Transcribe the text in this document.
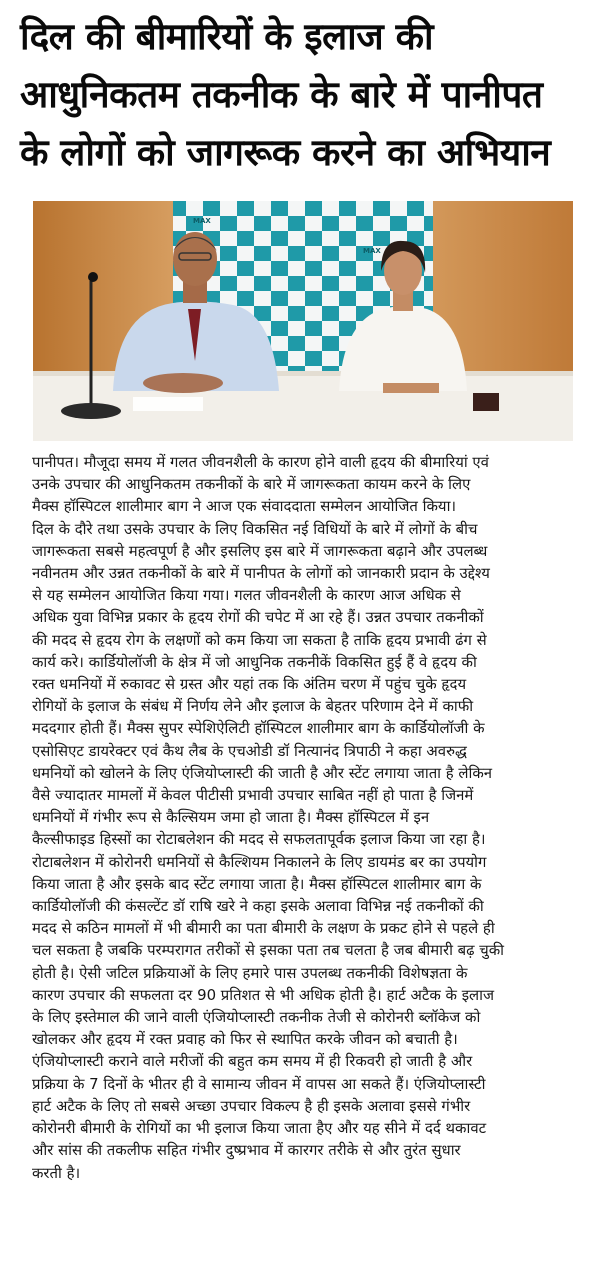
दिल की बीमारियों के इलाज की
आधुनिकतम तकनीक के बारे में पानीपत
के लोगों को जागरूक करने का अभियान
MAX
MAX
पानीपत। मौजूदा समय में गलत जीवनशैली के कारण होने वाली हृदय की बीमारियां एवं
उनके उपचार की आधुनिकतम तकनीकों के बारे में जागरूकता कायम करने के लिए
मैक्स हॉस्पिटल शालीमार बाग ने आज एक संवाददाता सम्मेलन आयोजित किया।
दिल के दौरे तथा उसके उपचार के लिए विकसित नई विधियों के बारे में लोगों के बीच
जागरूकता सबसे महत्वपूर्ण है और इसलिए इस बारे में जागरूकता बढ़ाने और उपलब्ध
नवीनतम और उन्नत तकनीकों के बारे में पानीपत के लोगों को जानकारी प्रदान के उद्देश्य
से यह सम्मेलन आयोजित किया गया। गलत जीवनशैली के कारण आज अधिक से
अधिक युवा विभिन्न प्रकार के हृदय रोगों की चपेट में आ रहे हैं। उन्नत उपचार तकनीकों
की मदद से हृदय रोग के लक्षणों को कम किया जा सकता है ताकि हृदय प्रभावी ढंग से
कार्य करे। कार्डियोलॉजी के क्षेत्र में जो आधुनिक तकनीकें विकसित हुई हैं वे हृदय की
रक्त धमनियों में रुकावट से ग्रस्त और यहां तक कि अंतिम चरण में पहुंच चुके हृदय
रोगियों के इलाज के संबंध में निर्णय लेने और इलाज के बेहतर परिणाम देने में काफी
मददगार होती हैं। मैक्स सुपर स्पेशिऐलिटी हॉस्पिटल शालीमार बाग के कार्डियोलॉजी के
एसोसिएट डायरेक्टर एवं कैथ लैब के एचओडी डॉ नित्यानंद त्रिपाठी ने कहा अवरुद्ध
धमनियों को खोलने के लिए एंजियोप्लास्टी की जाती है और स्टेंट लगाया जाता है लेकिन
वैसे ज्यादातर मामलों में केवल पीटीसी प्रभावी उपचार साबित नहीं हो पाता है जिनमें
धमनियों में गंभीर रूप से कैल्सियम जमा हो जाता है। मैक्स हॉस्पिटल में इन
कैल्सीफाइड हिस्सों का रोटाबलेशन की मदद से सफलतापूर्वक इलाज किया जा रहा है।
रोटाबलेशन में कोरोनरी धमनियों से कैल्शियम निकालने के लिए डायमंड बर का उपयोग
किया जाता है और इसके बाद स्टेंट लगाया जाता है। मैक्स हॉस्पिटल शालीमार बाग के
कार्डियोलॉजी की कंसल्टेंट डॉ राषि खरे ने कहा इसके अलावा विभिन्न नई तकनीकों की
मदद से कठिन मामलों में भी बीमारी का पता बीमारी के लक्षण के प्रकट होने से पहले ही
चल सकता है जबकि परम्परागत तरीकों से इसका पता तब चलता है जब बीमारी बढ़ चुकी
होती है। ऐसी जटिल प्रक्रियाओं के लिए हमारे पास उपलब्ध तकनीकी विशेषज्ञता के
कारण उपचार की सफलता दर 90 प्रतिशत से भी अधिक होती है। हार्ट अटैक के इलाज
के लिए इस्तेमाल की जाने वाली एंजियोप्लास्टी तकनीक तेजी से कोरोनरी ब्लॉकेज को
खोलकर और हृदय में रक्त प्रवाह को फिर से स्थापित करके जीवन को बचाती है।
एंजियोप्लास्टी कराने वाले मरीजों की बहुत कम समय में ही रिकवरी हो जाती है और
प्रक्रिया के 7 दिनों के भीतर ही वे सामान्य जीवन में वापस आ सकते हैं। एंजियोप्लास्टी
हार्ट अटैक के लिए तो सबसे अच्छा उपचार विकल्प है ही इसके अलावा इससे गंभीर
कोरोनरी बीमारी के रोगियों का भी इलाज किया जाता हैए और यह सीने में दर्द थकावट
और सांस की तकलीफ सहित गंभीर दुष्प्रभाव में कारगर तरीके से और तुरंत सुधार
करती है।
